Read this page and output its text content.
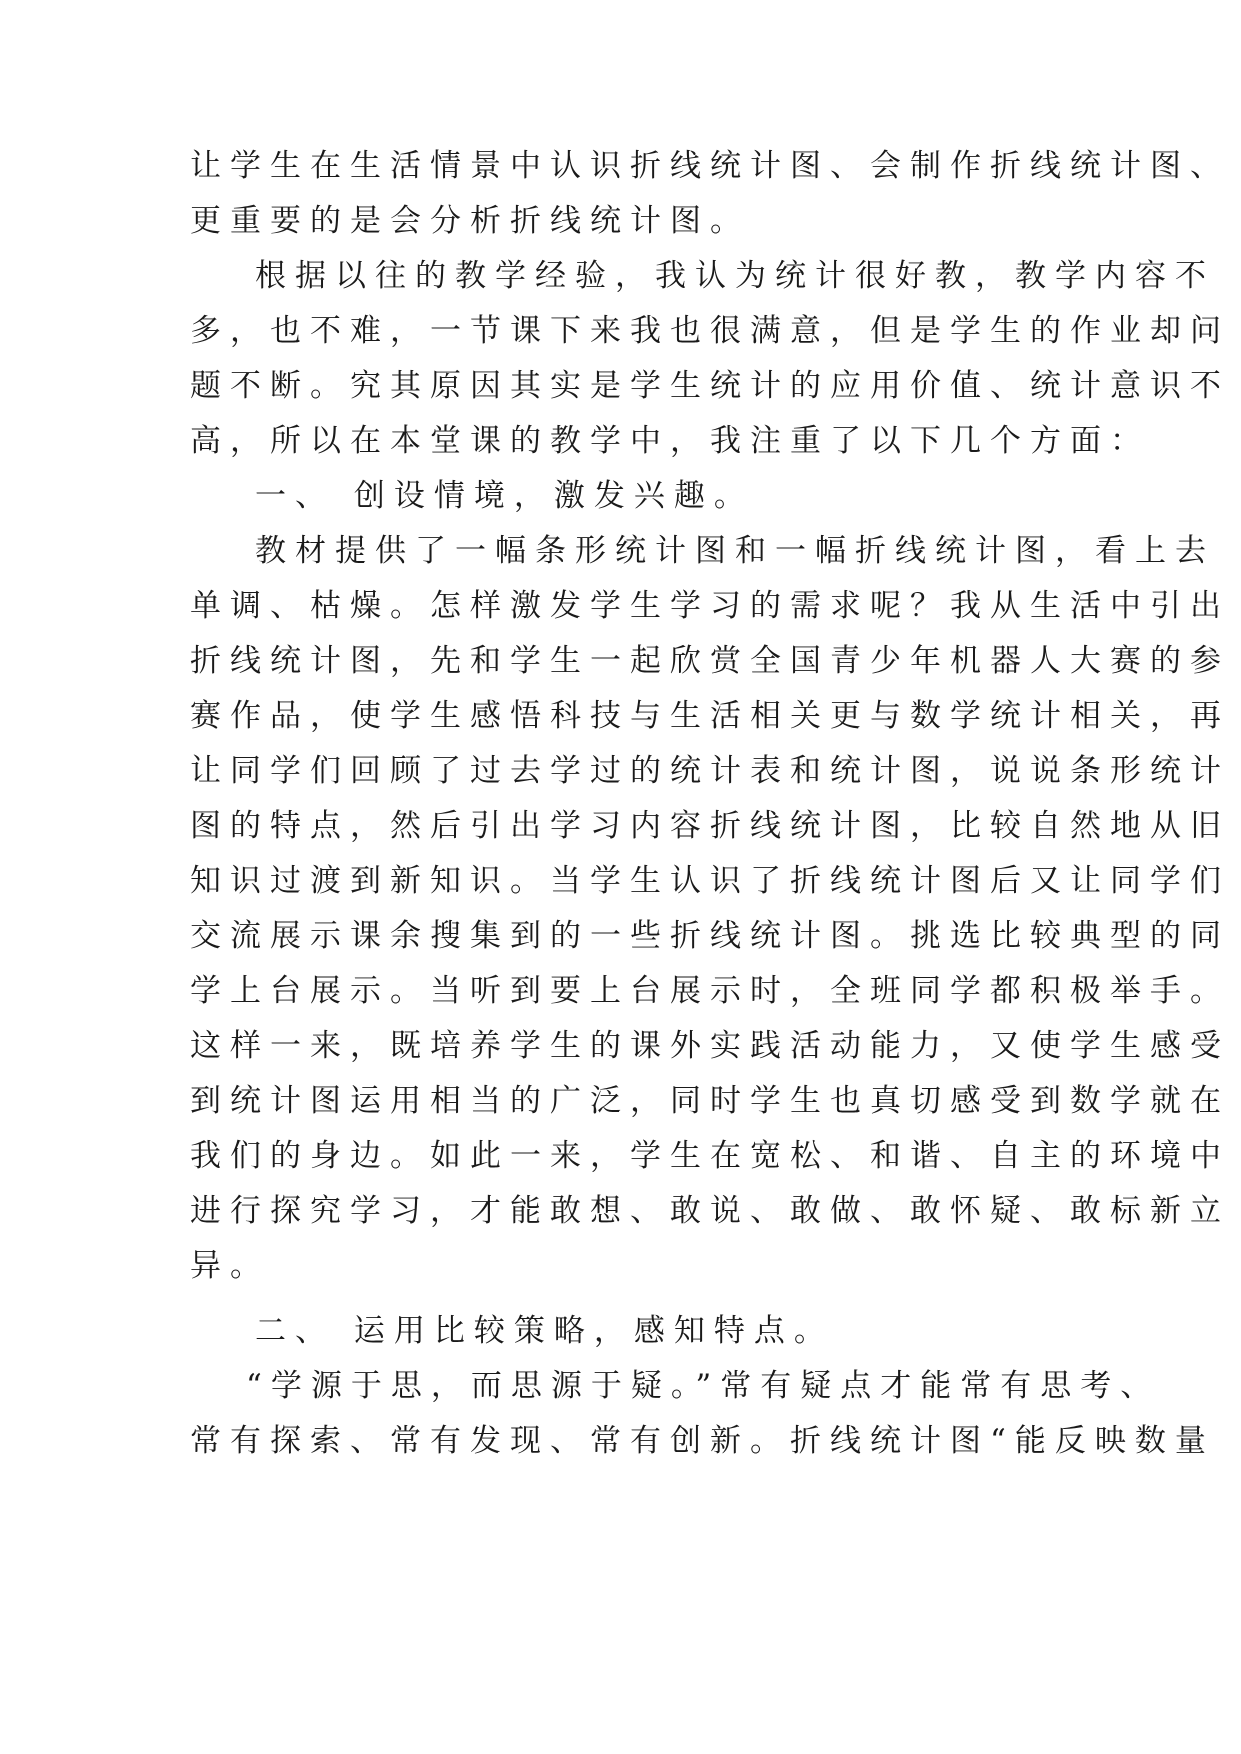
让学生在生活情景中认识折线统计图、会制作折线统计图、
更重要的是会分析折线统计图。
根据以往的教学经验，我认为统计很好教，教学内容不
多，也不难，一节课下来我也很满意，但是学生的作业却问
题不断。究其原因其实是学生统计的应用价值、统计意识不
高，所以在本堂课的教学中，我注重了以下几个方面：
一、 创设情境，激发兴趣。
教材提供了一幅条形统计图和一幅折线统计图，看上去
单调、枯燥。怎样激发学生学习的需求呢？我从生活中引出
折线统计图，先和学生一起欣赏全国青少年机器人大赛的参
赛作品，使学生感悟科技与生活相关更与数学统计相关，再
让同学们回顾了过去学过的统计表和统计图，说说条形统计
图的特点，然后引出学习内容折线统计图，比较自然地从旧
知识过渡到新知识。当学生认识了折线统计图后又让同学们
交流展示课余搜集到的一些折线统计图。挑选比较典型的同
学上台展示。当听到要上台展示时，全班同学都积极举手。
这样一来，既培养学生的课外实践活动能力，又使学生感受
到统计图运用相当的广泛，同时学生也真切感受到数学就在
我们的身边。如此一来，学生在宽松、和谐、自主的环境中
进行探究学习，才能敢想、敢说、敢做、敢怀疑、敢标新立
异。
二、 运用比较策略，感知特点。
“学源于思，而思源于疑。”常有疑点才能常有思考、
常有探索、常有发现、常有创新。折线统计图“能反映数量
